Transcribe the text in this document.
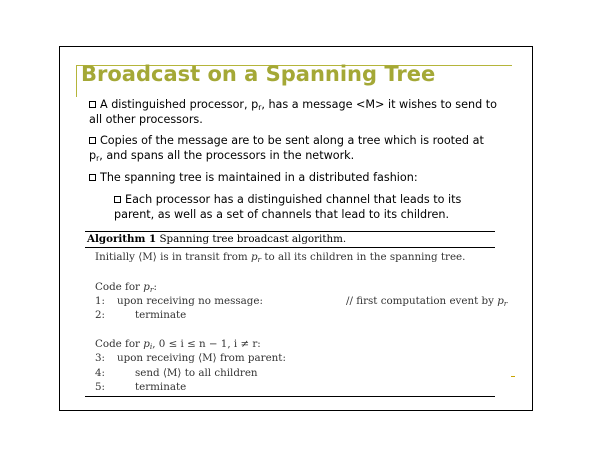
Broadcast on a Spanning Tree
A distinguished processor, $p_r$, has a message <M> it wishes to send to
all other processors.
Copies of the message are to be sent along a tree which is rooted at
$p_r$, and spans all the processors in the network.
The spanning tree is maintained in a distributed fashion:
Each processor has a distinguished channel that leads to its
parent, as well as a set of channels that lead to its children.
Algorithm 1 Spanning tree broadcast algorithm.
Initially ⟨M⟩ is in transit from $p_r$ to all its children in the spanning tree.
Code for $p_r$:
1: upon receiving no message:	// first computation event by $p_r$
2:	terminate
Code for $p_i$, 0 ≤ i ≤ n − 1, i ≠ r:
3: upon receiving ⟨M⟩ from parent:
4:	send ⟨M⟩ to all children
5:	terminate
